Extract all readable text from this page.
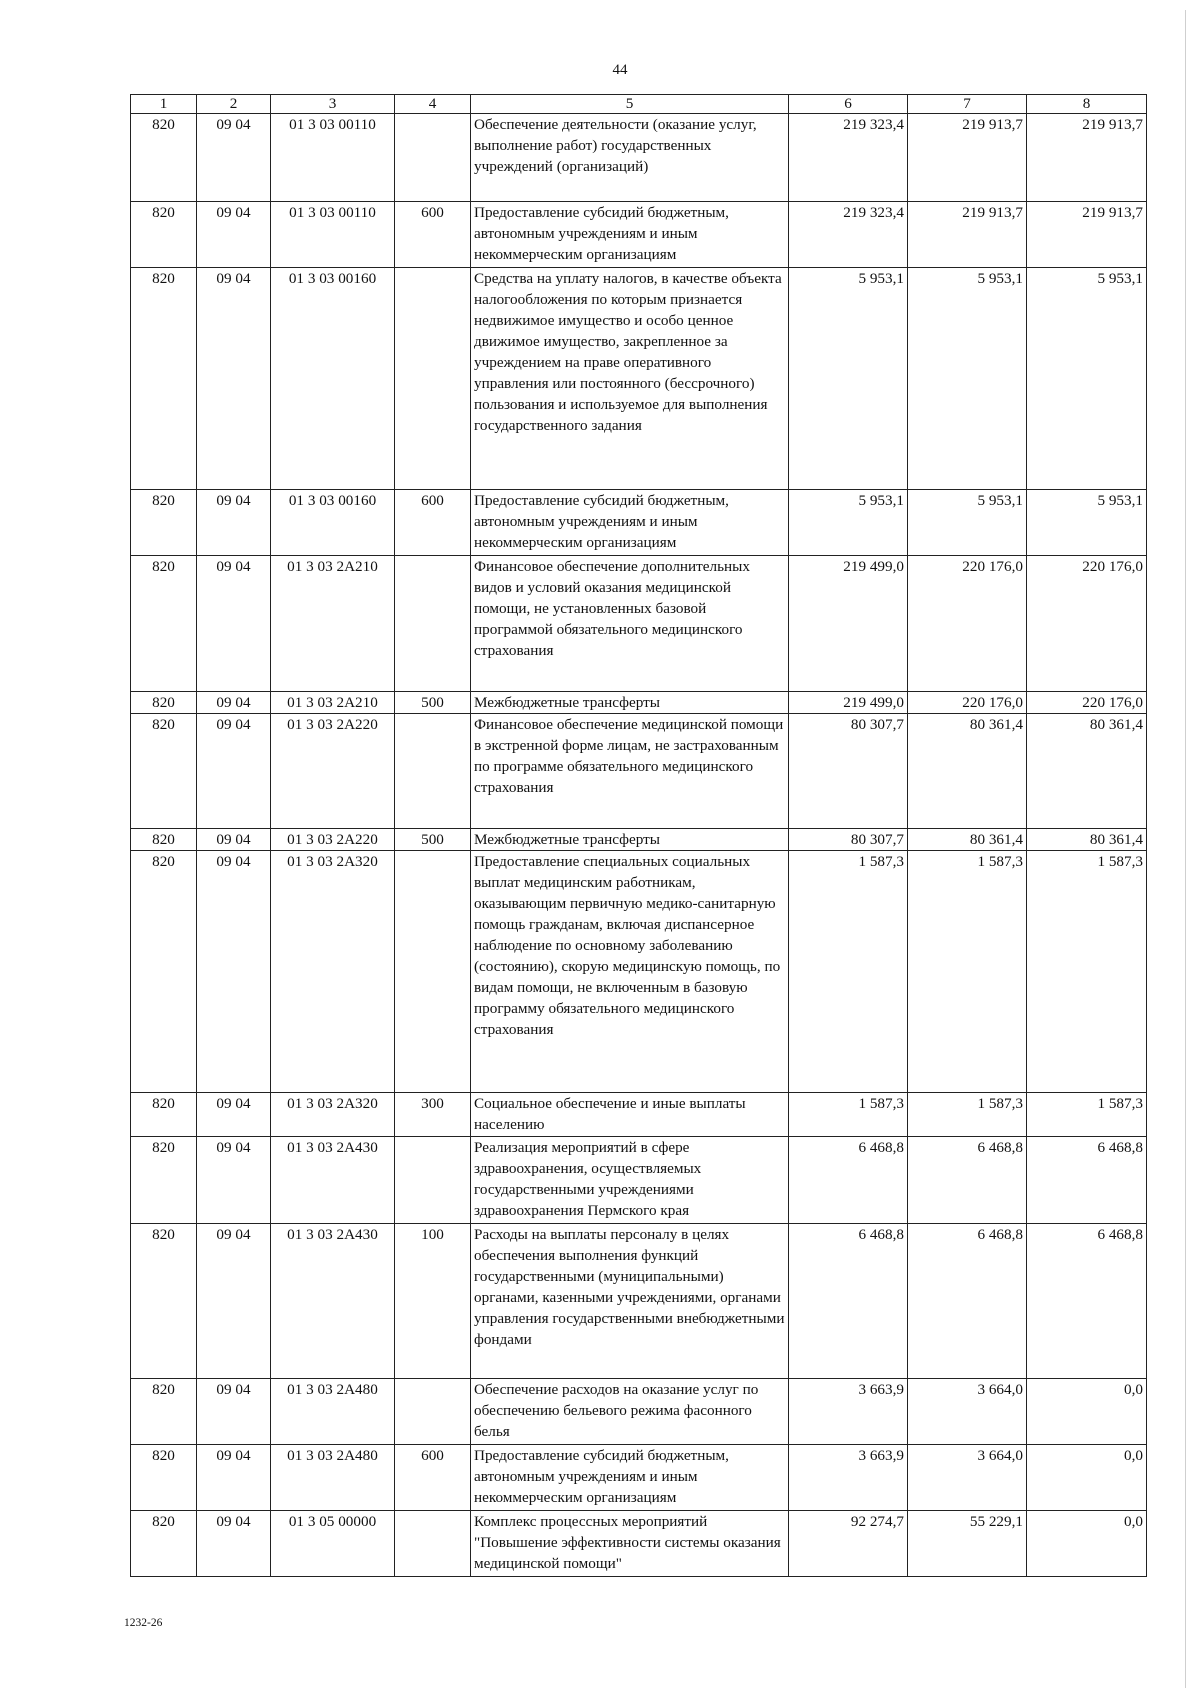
44
1	2	3	4	5	6	7	8
820	09 04	01 3 03 00110		Обеспечение деятельности (оказание услуг, выполнение работ) государственных учреждений (организаций)	219 323,4	219 913,7	219 913,7
820	09 04	01 3 03 00110	600	Предоставление субсидий бюджетным, автономным учреждениям и иным некоммерческим организациям	219 323,4	219 913,7	219 913,7
820	09 04	01 3 03 00160		Средства на уплату налогов, в качестве объекта налогообложения по которым признается недвижимое имущество и особо ценное движимое имущество, закрепленное за учреждением на праве оперативного управления или постоянного (бессрочного) пользования и используемое для выполнения государственного задания	5 953,1	5 953,1	5 953,1
820	09 04	01 3 03 00160	600	Предоставление субсидий бюджетным, автономным учреждениям и иным некоммерческим организациям	5 953,1	5 953,1	5 953,1
820	09 04	01 3 03 2А210		Финансовое обеспечение дополнительных видов и условий оказания медицинской помощи, не установленных базовой программой обязательного медицинского страхования	219 499,0	220 176,0	220 176,0
820	09 04	01 3 03 2А210	500	Межбюджетные трансферты	219 499,0	220 176,0	220 176,0
820	09 04	01 3 03 2А220		Финансовое обеспечение медицинской помощи в экстренной форме лицам, не застрахованным по программе обязательного медицинского страхования	80 307,7	80 361,4	80 361,4
820	09 04	01 3 03 2А220	500	Межбюджетные трансферты	80 307,7	80 361,4	80 361,4
820	09 04	01 3 03 2А320		Предоставление специальных социальных выплат медицинским работникам, оказывающим первичную медико-санитарную помощь гражданам, включая диспансерное наблюдение по основному заболеванию (состоянию), скорую медицинскую помощь, по видам помощи, не включенным в базовую программу обязательного медицинского страхования	1 587,3	1 587,3	1 587,3
820	09 04	01 3 03 2А320	300	Социальное обеспечение и иные выплаты населению	1 587,3	1 587,3	1 587,3
820	09 04	01 3 03 2А430		Реализация мероприятий в сфере здравоохранения, осуществляемых государственными учреждениями здравоохранения Пермского края	6 468,8	6 468,8	6 468,8
820	09 04	01 3 03 2А430	100	Расходы на выплаты персоналу в целях обеспечения выполнения функций государственными (муниципальными) органами, казенными учреждениями, органами управления государственными внебюджетными фондами	6 468,8	6 468,8	6 468,8
820	09 04	01 3 03 2А480		Обеспечение расходов на оказание услуг по обеспечению бельевого режима фасонного белья	3 663,9	3 664,0	0,0
820	09 04	01 3 03 2А480	600	Предоставление субсидий бюджетным, автономным учреждениям и иным некоммерческим организациям	3 663,9	3 664,0	0,0
820	09 04	01 3 05 00000		Комплекс процессных мероприятий "Повышение эффективности системы оказания медицинской помощи"	92 274,7	55 229,1	0,0
1232-26
